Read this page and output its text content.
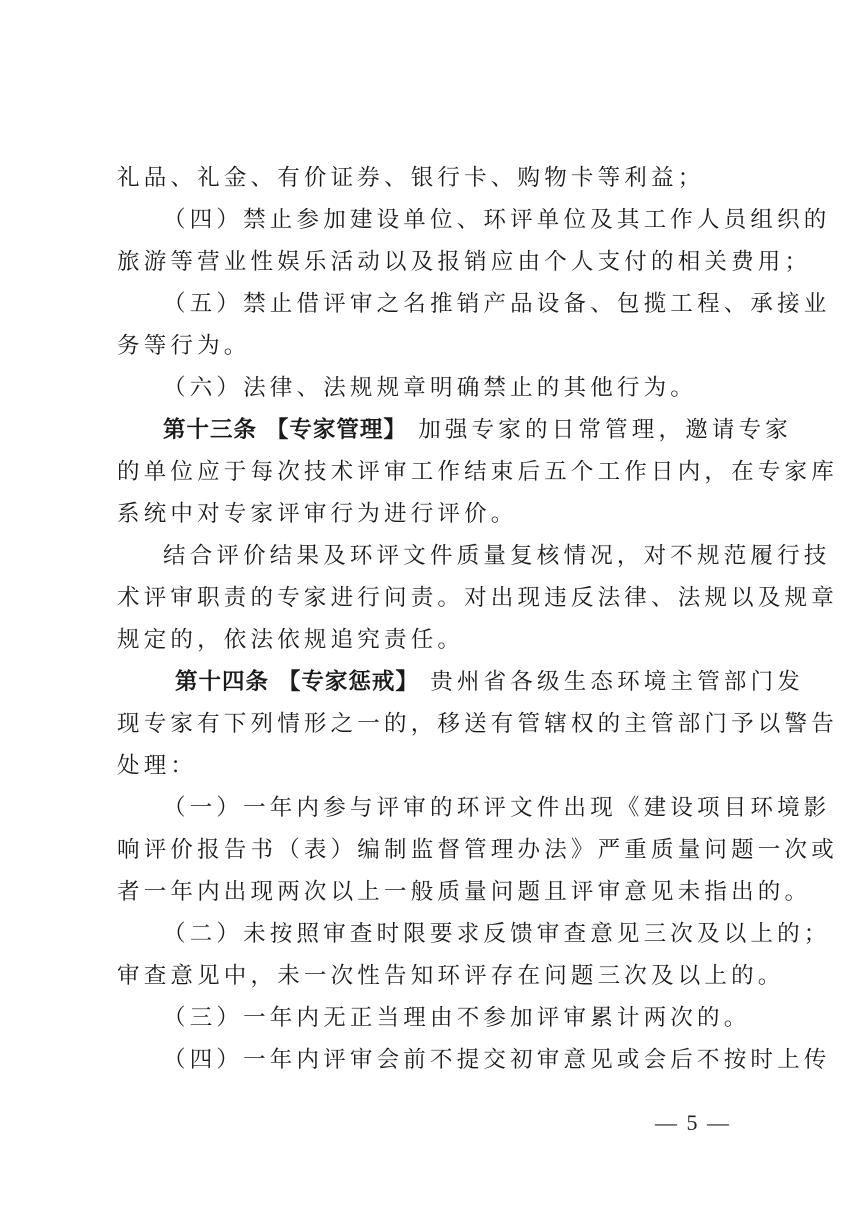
礼品、礼金、有价证券、银行卡、购物卡等利益；
（四）禁止参加建设单位、环评单位及其工作人员组织的
旅游等营业性娱乐活动以及报销应由个人支付的相关费用；
（五）禁止借评审之名推销产品设备、包揽工程、承接业
务等行为。
（六）法律、法规规章明确禁止的其他行为。
第十三条 【专家管理】 加强专家的日常管理，邀请专家
的单位应于每次技术评审工作结束后五个工作日内，在专家库
系统中对专家评审行为进行评价。
结合评价结果及环评文件质量复核情况，对不规范履行技
术评审职责的专家进行问责。对出现违反法律、法规以及规章
规定的，依法依规追究责任。
第十四条 【专家惩戒】 贵州省各级生态环境主管部门发
现专家有下列情形之一的，移送有管辖权的主管部门予以警告
处理：
（一）一年内参与评审的环评文件出现《建设项目环境影
响评价报告书（表）编制监督管理办法》严重质量问题一次或
者一年内出现两次以上一般质量问题且评审意见未指出的。
（二）未按照审查时限要求反馈审查意见三次及以上的；
审查意见中，未一次性告知环评存在问题三次及以上的。
（三）一年内无正当理由不参加评审累计两次的。
（四）一年内评审会前不提交初审意见或会后不按时上传
— 5 —
